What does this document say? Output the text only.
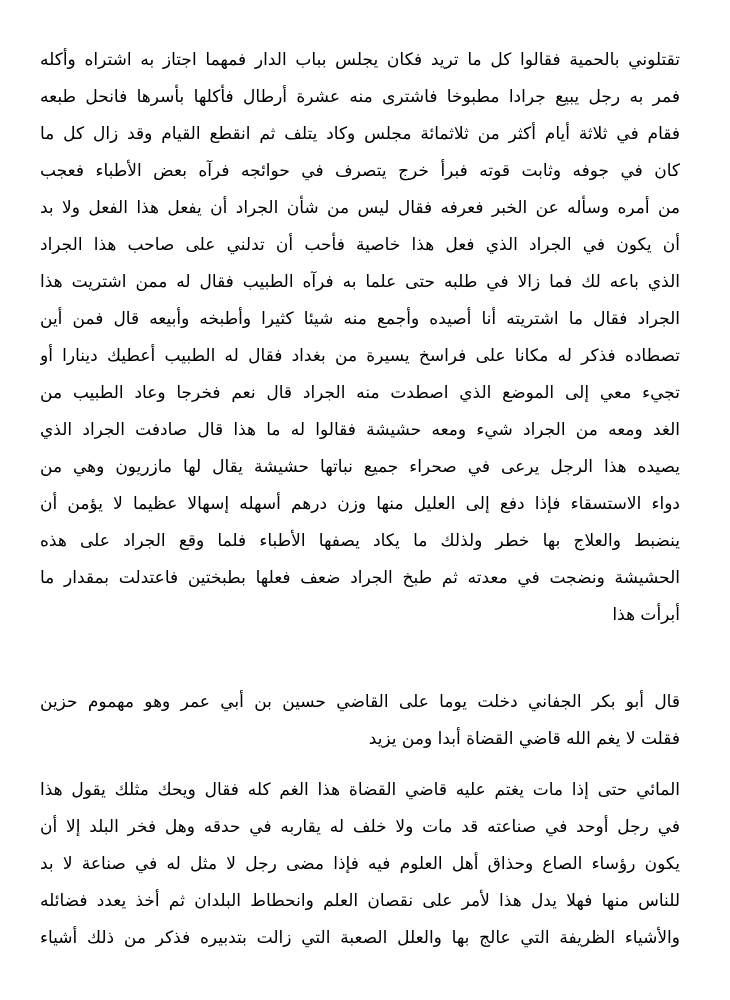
تقتلوني بالحمية فقالوا كل ما تريد فكان يجلس بباب الدار فمهما اجتاز به اشتراه وأكله
فمر به رجل يبيع جرادا مطبوخا فاشترى منه عشرة أرطال فأكلها بأسرها فانحل طبعه
فقام في ثلاثة أيام أكثر من ثلاثمائة مجلس وكاد يتلف ثم انقطع القيام وقد زال كل ما
كان في جوفه وثابت قوته فبرأ خرج يتصرف في حوائجه فرآه بعض الأطباء فعجب
من أمره وسأله عن الخبر فعرفه فقال ليس من شأن الجراد أن يفعل هذا الفعل ولا بد
أن يكون في الجراد الذي فعل هذا خاصية فأحب أن تدلني على صاحب هذا الجراد
الذي باعه لك فما زالا في طلبه حتى علما به فرآه الطبيب فقال له ممن اشتريت هذا
الجراد فقال ما اشتريته أنا أصيده وأجمع منه شيئا كثيرا وأطبخه وأبيعه قال فمن أين
تصطاده فذكر له مكانا على فراسخ يسيرة من بغداد فقال له الطبيب أعطيك دينارا أو
تجيء معي إلى الموضع الذي اصطدت منه الجراد قال نعم فخرجا وعاد الطبيب من
الغد ومعه من الجراد شيء ومعه حشيشة فقالوا له ما هذا قال صادفت الجراد الذي
يصيده هذا الرجل يرعى في صحراء جميع نباتها حشيشة يقال لها مازريون وهي من
دواء الاستسقاء فإذا دفع إلى العليل منها وزن درهم أسهله إسهالا عظيما لا يؤمن أن
ينضبط والعلاج بها خطر ولذلك ما يكاد يصفها الأطباء فلما وقع الجراد على هذه
الحشيشة ونضجت في معدته ثم طبخ الجراد ضعف فعلها بطبختين فاعتدلت بمقدار ما
أبرأت هذا
قال أبو بكر الجفاني دخلت يوما على القاضي حسين بن أبي عمر وهو مهموم حزين
فقلت لا يغم الله قاضي القضاة أبدا ومن يزيد
المائي حتى إذا مات يغتم عليه قاضي القضاة هذا الغم كله فقال ويحك مثلك يقول هذا
في رجل أوحد في صناعته قد مات ولا خلف له يقاربه في حدقه وهل فخر البلد إلا أن
يكون رؤساء الصاع وحذاق أهل العلوم فيه فإذا مضى رجل لا مثل له في صناعة لا بد
للناس منها فهلا يدل هذا لأمر على نقصان العلم وانحطاط البلدان ثم أخذ يعدد فضائله
والأشياء الظريفة التي عالج بها والعلل الصعبة التي زالت بتدبيره فذكر من ذلك أشياء
